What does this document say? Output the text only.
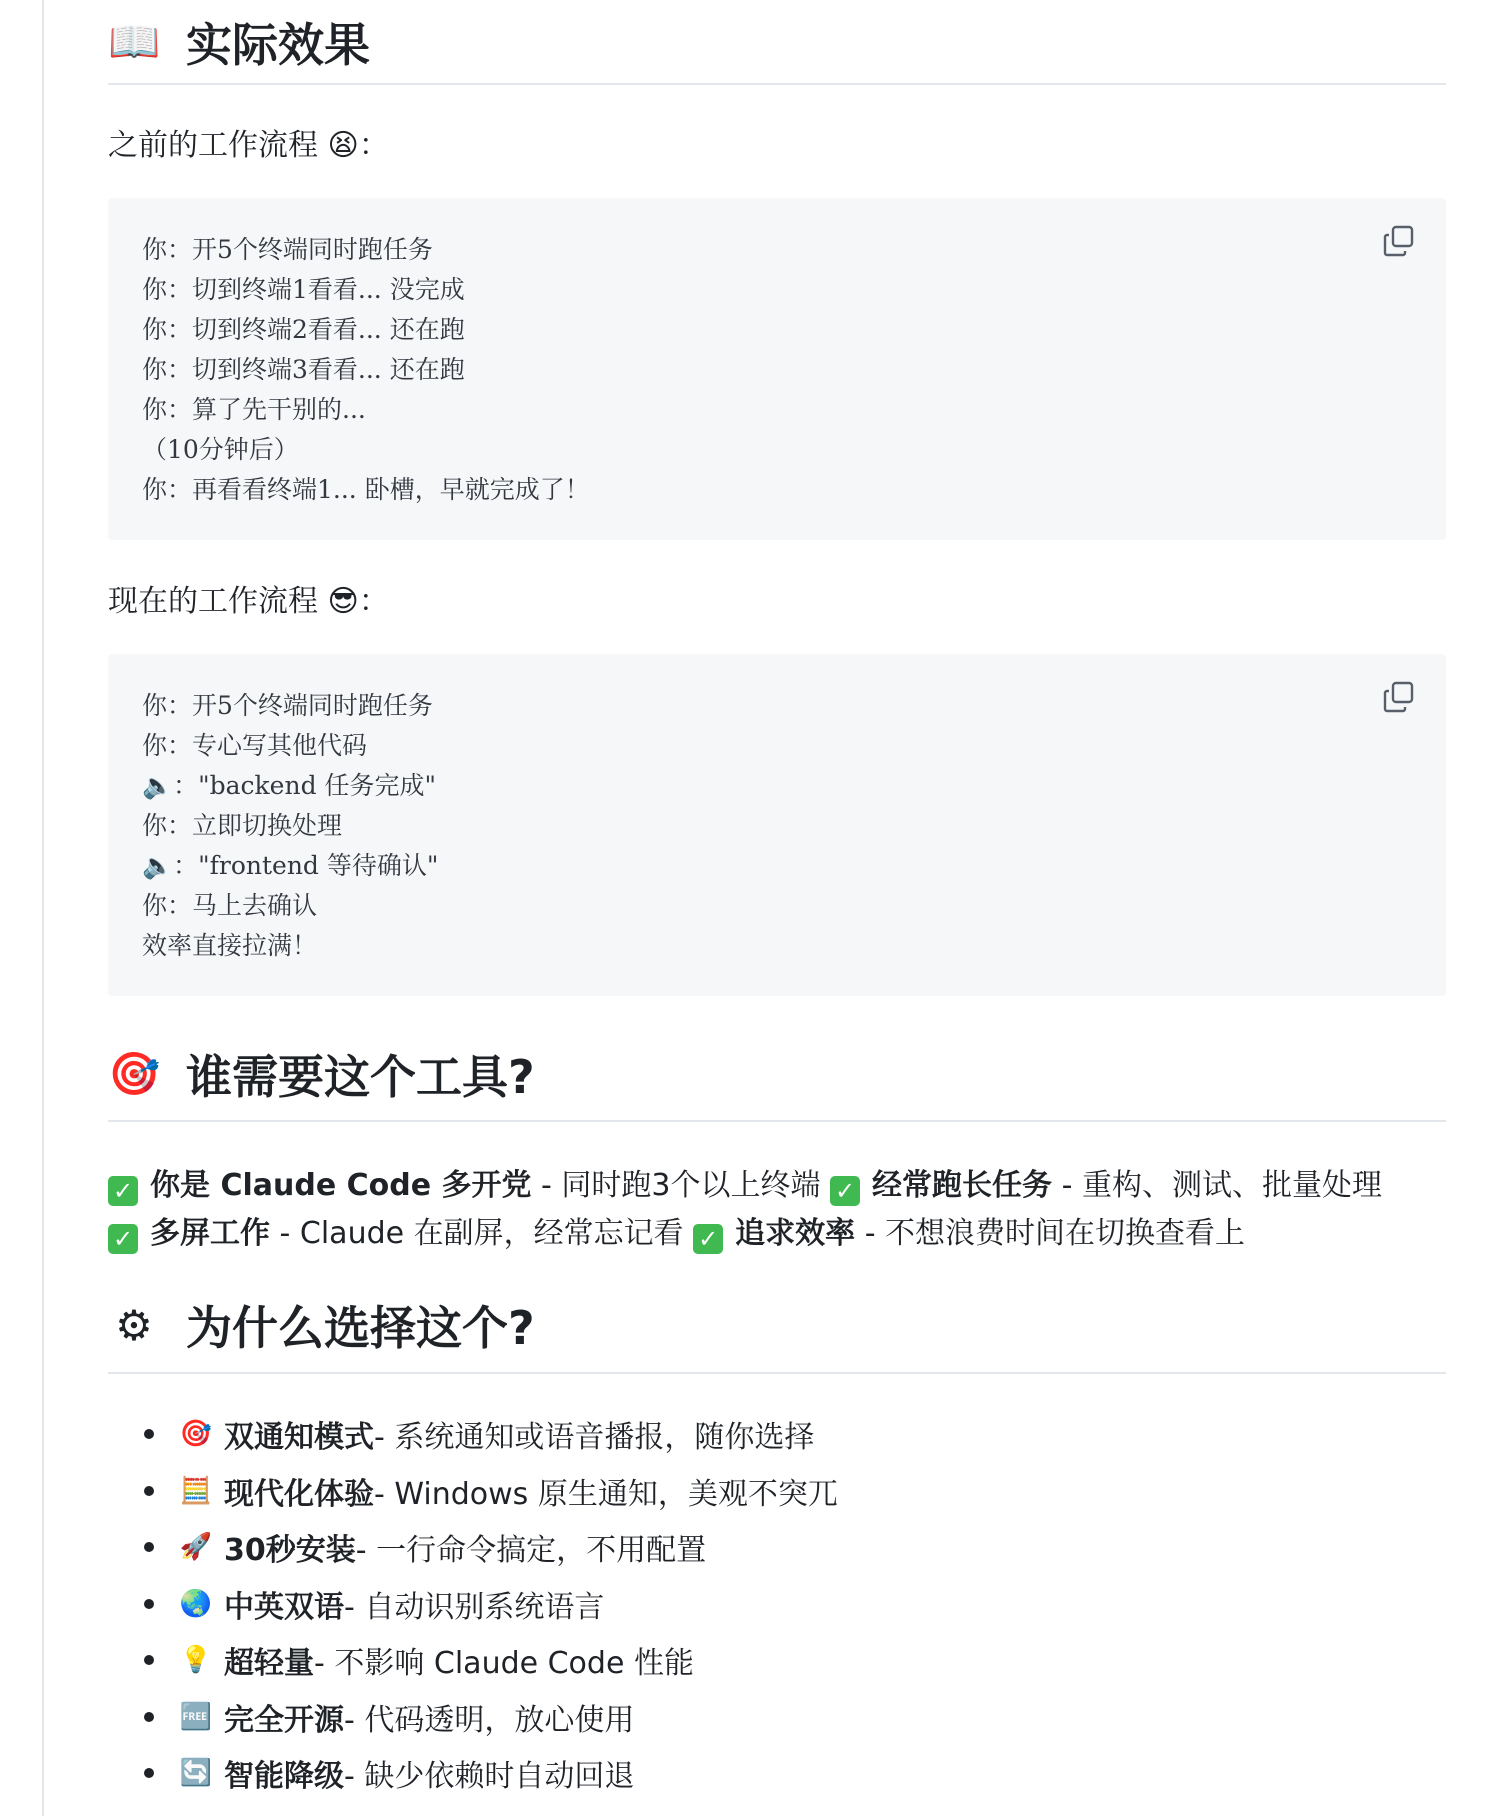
📖 实际效果
之前的工作流程 😫：
你：开5个终端同时跑任务
你：切到终端1看看... 没完成
你：切到终端2看看... 还在跑
你：切到终端3看看... 还在跑
你：算了先干别的...
（10分钟后）
你：再看看终端1... 卧槽，早就完成了！
现在的工作流程 😎：
你：开5个终端同时跑任务
你：专心写其他代码
🔈："backend 任务完成"
你：立即切换处理
🔈："frontend 等待确认"
你：马上去确认
效率直接拉满！
🎯 谁需要这个工具?
✓ 你是 Claude Code 多开党 - 同时跑3个以上终端 ✓ 经常跑长任务 - 重构、测试、批量处理
✓ 多屏工作 - Claude 在副屏，经常忘记看 ✓ 追求效率 - 不想浪费时间在切换查看上
⚙ 为什么选择这个?
🎯 双通知模式 - 系统通知或语音播报，随你选择
🧮 现代化体验 - Windows 原生通知，美观不突兀
🚀 30秒安装 - 一行命令搞定，不用配置
🌏 中英双语 - 自动识别系统语言
💡 超轻量 - 不影响 Claude Code 性能
🆓 完全开源 - 代码透明，放心使用
🔄 智能降级 - 缺少依赖时自动回退
